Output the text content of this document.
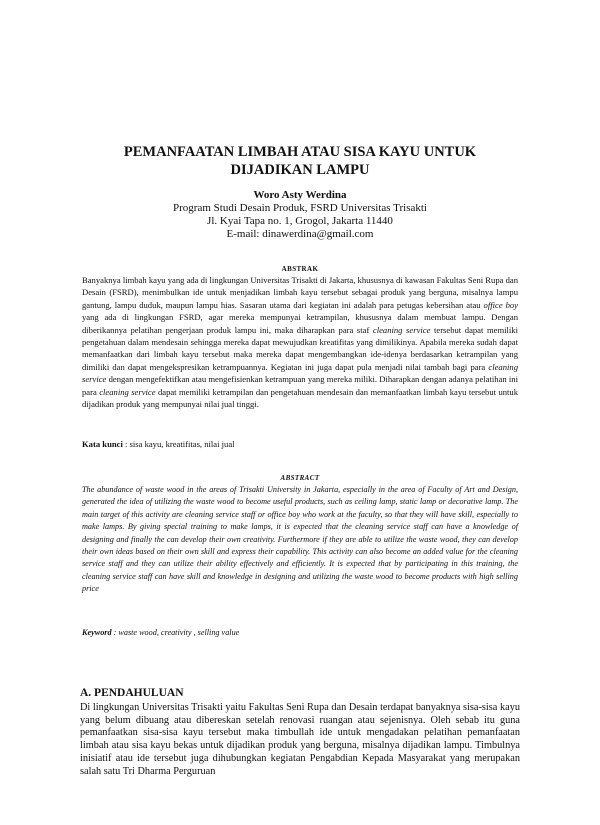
PEMANFAATAN LIMBAH ATAU SISA KAYU UNTUK
DIJADIKAN LAMPU
Woro Asty Werdina
Program Studi Desain Produk, FSRD Universitas Trisakti
Jl. Kyai Tapa no. 1, Grogol, Jakarta 11440
E-mail: dinawerdina@gmail.com
ABSTRAK

Banyaknya limbah kayu yang ada di lingkungan Universitas Trisakti di Jakarta, khususnya di kawasan Fakultas Seni Rupa dan Desain (FSRD), menimbulkan ide untuk menjadikan limbah kayu tersebut sebagai produk yang berguna, misalnya lampu gantung, lampu duduk, maupun lampu hias. Sasaran utama dari kegiatan ini adalah para petugas kebersihan atau office boy yang ada di lingkungan FSRD, agar mereka mempunyai ketrampilan, khususnya dalam membuat lampu. Dengan diberikannya pelatihan pengerjaan produk lampu ini, maka diharapkan para staf cleaning service tersebut dapat memiliki pengetahuan dalam mendesain sehingga mereka dapat mewujudkan kreatifitas yang dimilikinya. Apabila mereka sudah dapat memanfaatkan dari limbah kayu tersebut maka mereka dapat mengembangkan ide-idenya berdasarkan ketrampilan yang dimiliki dan dapat mengekspresikan ketrampuannya. Kegiatan ini juga dapat pula menjadi nilai tambah bagi para cleaning service dengan mengefektifkan atau mengefisienkan ketrampuan yang mereka miliki. Diharapkan dengan adanya pelatihan ini para cleaning service dapat memiliki ketrampilan dan pengetahuan mendesain dan memanfaatkan limbah kayu tersebut untuk dijadikan produk yang mempunyai nilai jual tinggi.

Kata kunci : sisa kayu, kreatifitas, nilai jual

ABSTRACT

The abundance of waste wood in the areas of Trisakti University in Jakarta, especially in the area of Faculty of Art and Design, generated the idea of utilizing the waste wood to become useful products, such as ceiling lamp, static lamp or decorative lamp. The main target of this activity are cleaning service staff or office boy who work at the faculty, so that they will have skill, especially to make lamps. By giving special training to make lamps, it is expected that the cleaning service staff can have a knowledge of designing and finally the can develop their own creativity. Furthermore if they are able to utilize the waste wood, they can develop their own ideas based on their own skill and express their capability. This activity can also become an added value for the cleaning service staff and they can utilize their ability effectively and efficiently. It is expected that by participating in this training, the cleaning service staff can have skill and knowledge in designing and utilizing the waste wood to become products with high selling price

Keyword : waste wood, creativity , selling value

A. PENDAHULUAN

Di lingkungan Universitas Trisakti yaitu Fakultas Seni Rupa dan Desain terdapat banyaknya sisa-sisa kayu yang belum dibuang atau dibereskan setelah renovasi ruangan atau sejenisnya. Oleh sebab itu guna pemanfaatkan sisa-sisa kayu tersebut maka timbullah ide untuk mengadakan pelatihan pemanfaatan limbah atau sisa kayu bekas untuk dijadikan produk yang berguna, misalnya dijadikan lampu. Timbulnya inisiatif atau ide tersebut juga dihubungkan kegiatan Pengabdian Kepada Masyarakat yang merupakan salah satu Tri Dharma Perguruan
